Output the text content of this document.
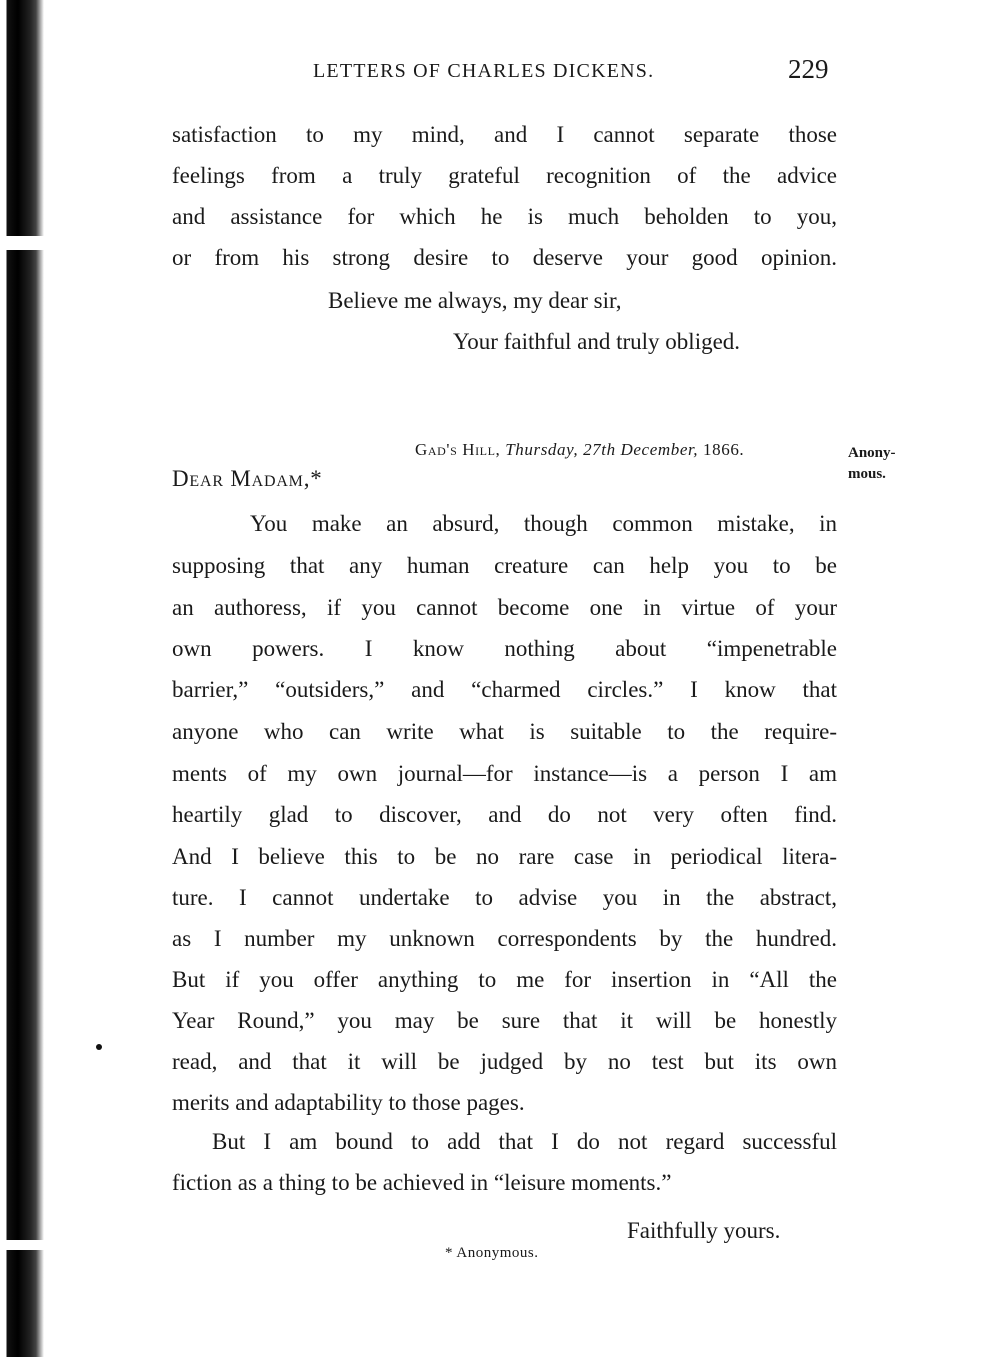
LETTERS OF CHARLES DICKENS.	229
satisfaction to my mind, and I cannot separate those
feelings from a truly grateful recognition of the advice
and assistance for which he is much beholden to you,
or from his strong desire to deserve your good opinion.
Believe me always, my dear sir,
Your faithful and truly obliged.
Gad's Hill, Thursday, 27th December, 1866.	Anony-
mous.
Dear Madam,*
You make an absurd, though common mistake, in
supposing that any human creature can help you to be
an authoress, if you cannot become one in virtue of your
own powers. I know nothing about “impenetrable
barrier,” “outsiders,” and “charmed circles.” I know that
anyone who can write what is suitable to the require-
ments of my own journal—for instance—is a person I am
heartily glad to discover, and do not very often find.
And I believe this to be no rare case in periodical litera-
ture. I cannot undertake to advise you in the abstract,
as I number my unknown correspondents by the hundred.
But if you offer anything to me for insertion in “All the
Year Round,” you may be sure that it will be honestly
read, and that it will be judged by no test but its own
merits and adaptability to those pages.
But I am bound to add that I do not regard successful
fiction as a thing to be achieved in “leisure moments.”
Faithfully yours.
* Anonymous.
